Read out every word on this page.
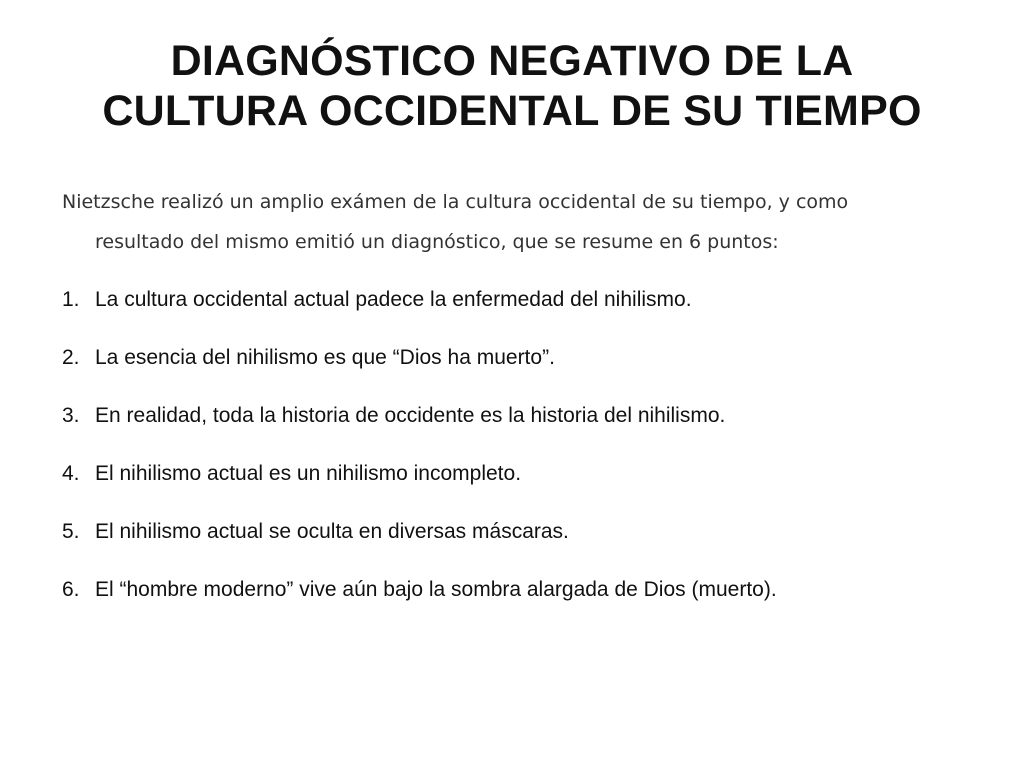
DIAGNÓSTICO NEGATIVO DE LA
CULTURA OCCIDENTAL DE SU TIEMPO

Nietzsche realizó un amplio exámen de la cultura occidental de su tiempo, y como
resultado del mismo emitió un diagnóstico, que se resume en 6 puntos:

1. La cultura occidental actual padece la enfermedad del nihilismo.
2. La esencia del nihilismo es que “Dios ha muerto”.
3. En realidad, toda la historia de occidente es la historia del nihilismo.
4. El nihilismo actual es un nihilismo incompleto.
5. El nihilismo actual se oculta en diversas máscaras.
6. El “hombre moderno” vive aún bajo la sombra alargada de Dios (muerto).
